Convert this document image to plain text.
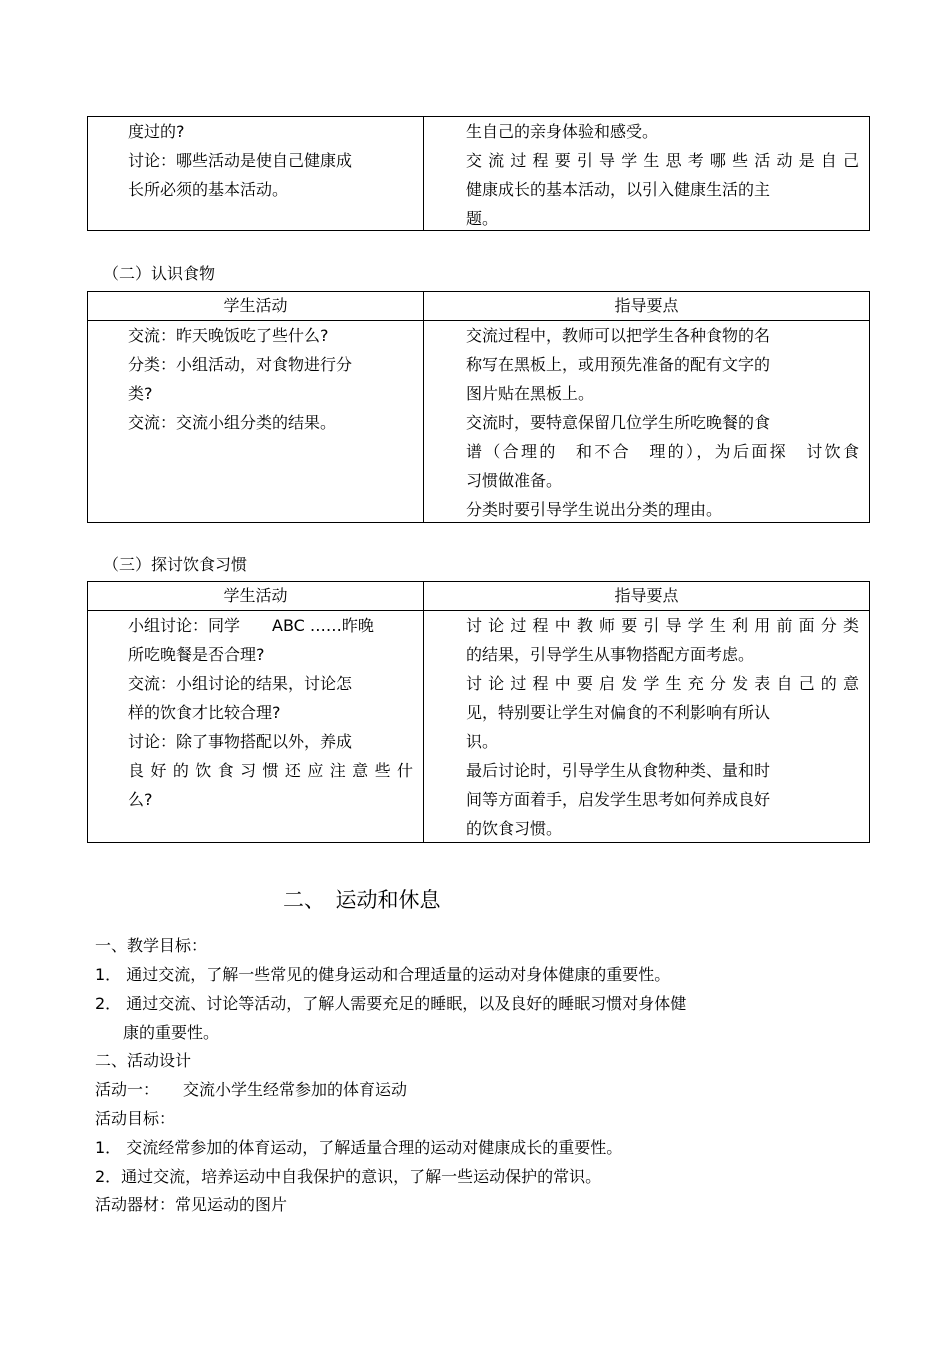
度过的?
讨论：哪些活动是使自己健康成
长所必须的基本活动。
生自己的亲身体验和感受。
交流过程要引导学生思考哪些活动是自己
健康成长的基本活动，以引入健康生活的主
题。
（二）认识食物
学生活动	指导要点
交流：昨天晚饭吃了些什么?
分类：小组活动，对食物进行分
类?
交流：交流小组分类的结果。
交流过程中，教师可以把学生各种食物的名
称写在黑板上，或用预先准备的配有文字的
图片贴在黑板上。
交流时，要特意保留几位学生所吃晚餐的食
谱（合理的　和不合　理的），为后面探　讨饮食
习惯做准备。
分类时要引导学生说出分类的理由。
（三）探讨饮食习惯
学生活动	指导要点
小组讨论：同学　　ABC ……昨晚
所吃晚餐是否合理?
交流：小组讨论的结果，讨论怎
样的饮食才比较合理?
讨论：除了事物搭配以外，养成
良好的饮食习惯还应注意些什
么?
讨论过程中教师要引导学生利用前面分类
的结果，引导学生从事物搭配方面考虑。
讨论过程中要启发学生充分发表自己的意
见，特别要让学生对偏食的不利影响有所认
识。
最后讨论时，引导学生从食物种类、量和时
间等方面着手，启发学生思考如何养成良好
的饮食习惯。
二、　运动和休息
一、教学目标：
1． 通过交流，了解一些常见的健身运动和合理适量的运动对身体健康的重要性。
2． 通过交流、讨论等活动，了解人需要充足的睡眠，以及良好的睡眠习惯对身体健
康的重要性。
二、活动设计
活动一：　　交流小学生经常参加的体育运动
活动目标：
1． 交流经常参加的体育运动，了解适量合理的运动对健康成长的重要性。
2．通过交流，培养运动中自我保护的意识，了解一些运动保护的常识。
活动器材：常见运动的图片
